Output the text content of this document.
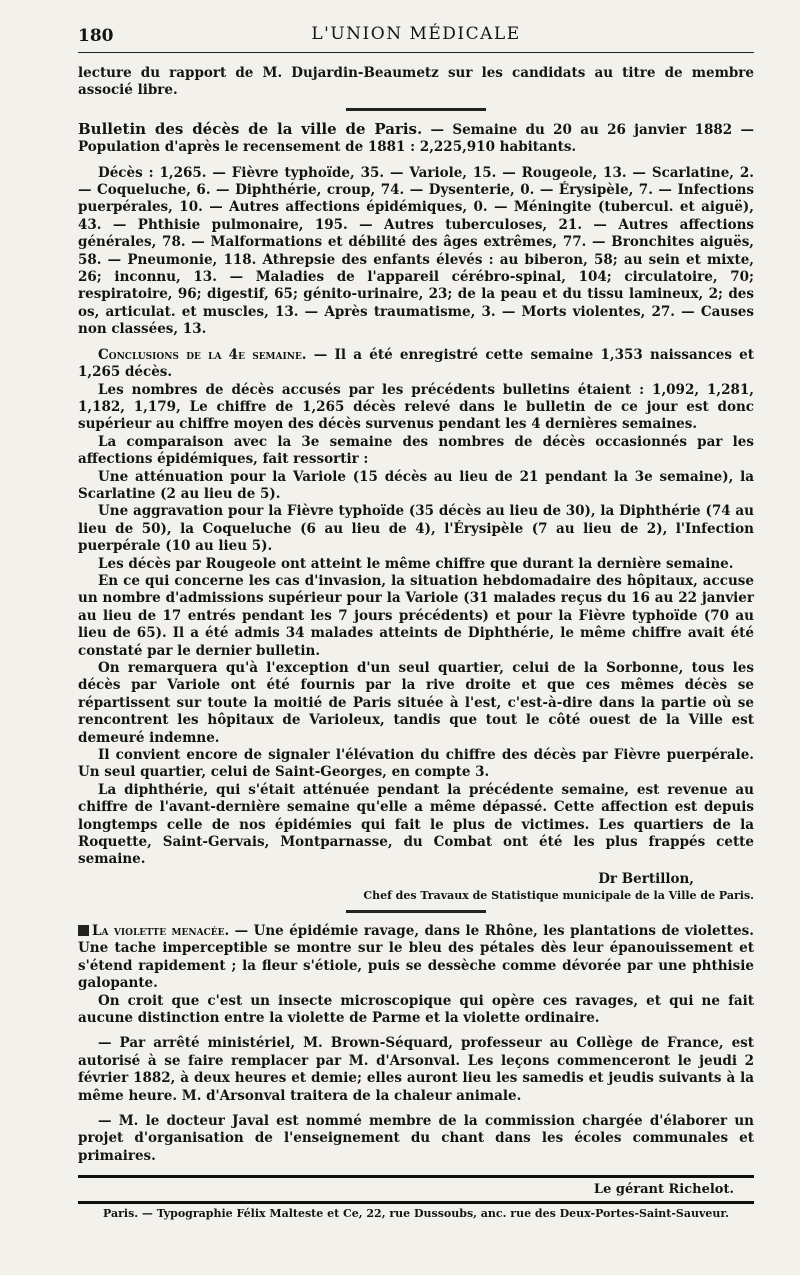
180	L'UNION MÉDICALE

lecture du rapport de M. Dujardin-Beaumetz sur les candidats au titre de membre associé libre.

Bulletin des décès de la ville de Paris. — Semaine du 20 au 26 janvier 1882 — Population d'après le recensement de 1881 : 2,225,910 habitants.

Décès : 1,265. — Fièvre typhoïde, 35. — Variole, 15. — Rougeole, 13. — Scarlatine, 2. — Coqueluche, 6. — Diphthérie, croup, 74. — Dysenterie, 0. — Érysipèle, 7. — Infections puerpérales, 10. — Autres affections épidémiques, 0. — Méningite (tubercul. et aiguë), 43. — Phthisie pulmonaire, 195. — Autres tuberculoses, 21. — Autres affections générales, 78. — Malformations et débilité des âges extrêmes, 77. — Bronchites aiguës, 58. — Pneumonie, 118. Athrepsie des enfants élevés : au biberon, 58; au sein et mixte, 26; inconnu, 13. — Maladies de l'appareil cérébro-spinal, 104; circulatoire, 70; respiratoire, 96; digestif, 65; génito-urinaire, 23; de la peau et du tissu lamineux, 2; des os, articulat. et muscles, 13. — Après traumatisme, 3. — Morts violentes, 27. — Causes non classées, 13.

Conclusions de la 4e semaine. — Il a été enregistré cette semaine 1,353 naissances et 1,265 décès.

Les nombres de décès accusés par les précédents bulletins étaient : 1,092, 1,281, 1,182, 1,179, Le chiffre de 1,265 décès relevé dans le bulletin de ce jour est donc supérieur au chiffre moyen des décès survenus pendant les 4 dernières semaines.

La comparaison avec la 3e semaine des nombres de décès occasionnés par les affections épidémiques, fait ressortir :

Une atténuation pour la Variole (15 décès au lieu de 21 pendant la 3e semaine), la Scarlatine (2 au lieu de 5).

Une aggravation pour la Fièvre typhoïde (35 décès au lieu de 30), la Diphthérie (74 au lieu de 50), la Coqueluche (6 au lieu de 4), l'Érysipèle (7 au lieu de 2), l'Infection puerpérale (10 au lieu 5).

Les décès par Rougeole ont atteint le même chiffre que durant la dernière semaine.

En ce qui concerne les cas d'invasion, la situation hebdomadaire des hôpitaux, accuse un nombre d'admissions supérieur pour la Variole (31 malades reçus du 16 au 22 janvier au lieu de 17 entrés pendant les 7 jours précédents) et pour la Fièvre typhoïde (70 au lieu de 65). Il a été admis 34 malades atteints de Diphthérie, le même chiffre avait été constaté par le dernier bulletin.

On remarquera qu'à l'exception d'un seul quartier, celui de la Sorbonne, tous les décès par Variole ont été fournis par la rive droite et que ces mêmes décès se répartissent sur toute la moitié de Paris située à l'est, c'est-à-dire dans la partie où se rencontrent les hôpitaux de Varioleux, tandis que tout le côté ouest de la Ville est demeuré indemne.

Il convient encore de signaler l'élévation du chiffre des décès par Fièvre puerpérale. Un seul quartier, celui de Saint-Georges, en compte 3.

La diphthérie, qui s'était atténuée pendant la précédente semaine, est revenue au chiffre de l'avant-dernière semaine qu'elle a même dépassé. Cette affection est depuis longtemps celle de nos épidémies qui fait le plus de victimes. Les quartiers de la Roquette, Saint-Gervais, Montparnasse, du Combat ont été les plus frappés cette semaine.

Dr Bertillon,
Chef des Travaux de Statistique municipale de la Ville de Paris.

La violette menacée. — Une épidémie ravage, dans le Rhône, les plantations de violettes. Une tache imperceptible se montre sur le bleu des pétales dès leur épanouissement et s'étend rapidement ; la fleur s'étiole, puis se dessèche comme dévorée par une phthisie galopante.

On croit que c'est un insecte microscopique qui opère ces ravages, et qui ne fait aucune distinction entre la violette de Parme et la violette ordinaire.

— Par arrêté ministériel, M. Brown-Séquard, professeur au Collège de France, est autorisé à se faire remplacer par M. d'Arsonval. Les leçons commenceront le jeudi 2 février 1882, à deux heures et demie; elles auront lieu les samedis et jeudis suivants à la même heure. M. d'Arsonval traitera de la chaleur animale.

— M. le docteur Javal est nommé membre de la commission chargée d'élaborer un projet d'organisation de l'enseignement du chant dans les écoles communales et primaires.

Le gérant Richelot.
Paris. — Typographie Félix Malteste et Ce, 22, rue Dussoubs, anc. rue des Deux-Portes-Saint-Sauveur.
